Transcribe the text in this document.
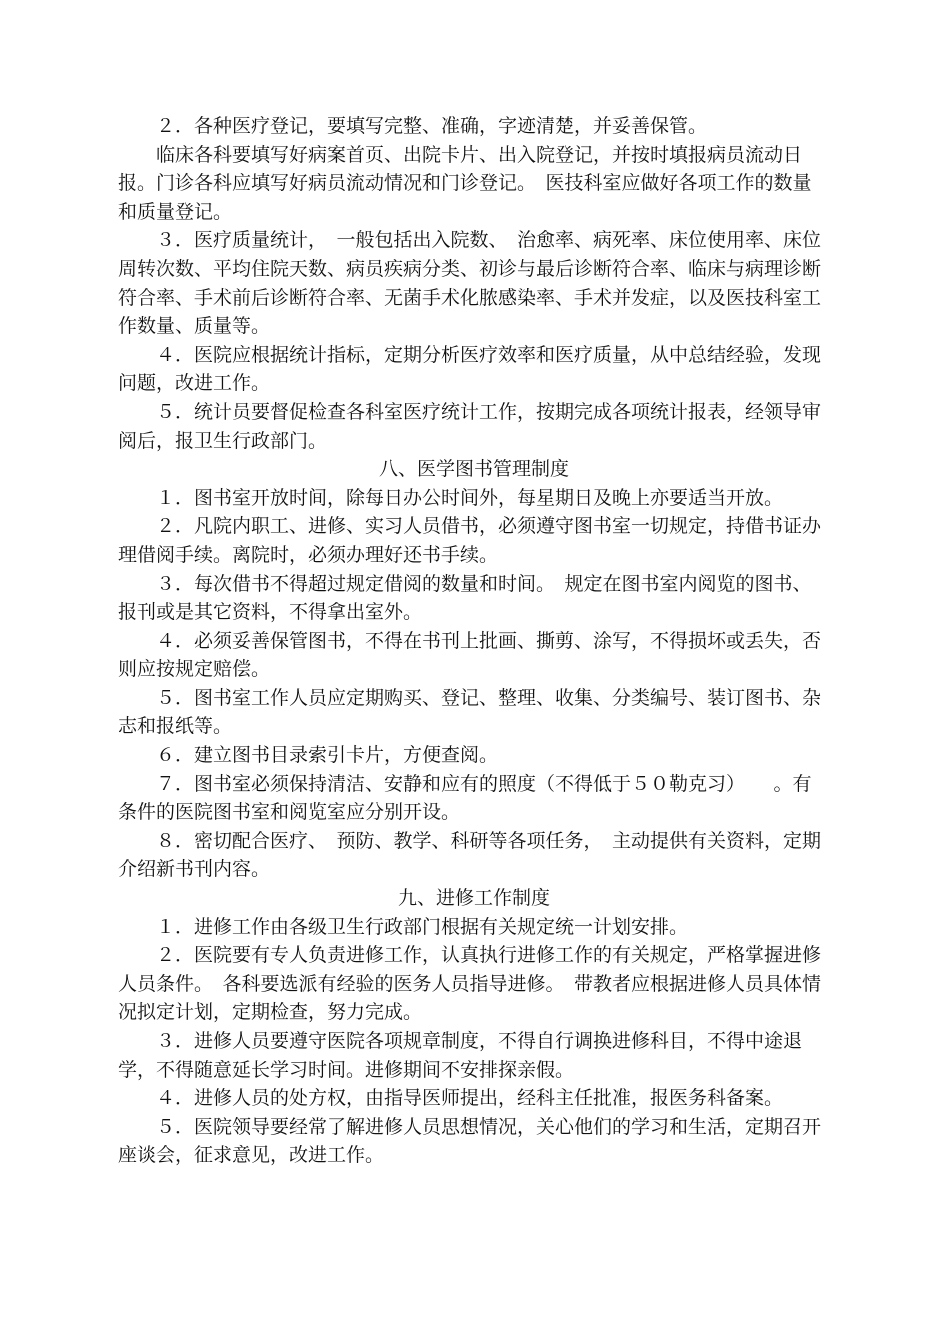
２．各种医疗登记，要填写完整、准确，字迹清楚，并妥善保管。

临床各科要填写好病案首页、出院卡片、出入院登记，并按时填报病员流动日报。门诊各科应填写好病员流动情况和门诊登记。　医技科室应做好各项工作的数量和质量登记。

３．医疗质量统计，　一般包括出入院数、　治愈率、病死率、床位使用率、床位周转次数、平均住院天数、病员疾病分类、初诊与最后诊断符合率、临床与病理诊断符合率、手术前后诊断符合率、无菌手术化脓感染率、手术并发症，以及医技科室工作数量、质量等。

４．医院应根据统计指标，定期分析医疗效率和医疗质量，从中总结经验，发现问题，改进工作。

５．统计员要督促检查各科室医疗统计工作，按期完成各项统计报表，经领导审阅后，报卫生行政部门。

八、医学图书管理制度

１．图书室开放时间，除每日办公时间外，每星期日及晚上亦要适当开放。

２．凡院内职工、进修、实习人员借书，必须遵守图书室一切规定，持借书证办理借阅手续。离院时，必须办理好还书手续。

３．每次借书不得超过规定借阅的数量和时间。　规定在图书室内阅览的图书、报刊或是其它资料，不得拿出室外。

４．必须妥善保管图书，不得在书刊上批画、撕剪、涂写，不得损坏或丢失，否则应按规定赔偿。

５．图书室工作人员应定期购买、登记、整理、收集、分类编号、装订图书、杂志和报纸等。

６．建立图书目录索引卡片，方便查阅。

７．图书室必须保持清洁、安静和应有的照度（不得低于５０勒克习）　　。有条件的医院图书室和阅览室应分别开设。

８．密切配合医疗、　预防、教学、科研等各项任务，　主动提供有关资料，定期介绍新书刊内容。

九、进修工作制度

１．进修工作由各级卫生行政部门根据有关规定统一计划安排。

２．医院要有专人负责进修工作，认真执行进修工作的有关规定，严格掌握进修人员条件。　各科要选派有经验的医务人员指导进修。　带教者应根据进修人员具体情况拟定计划，定期检查，努力完成。

３．进修人员要遵守医院各项规章制度，不得自行调换进修科目，不得中途退学，不得随意延长学习时间。进修期间不安排探亲假。

４．进修人员的处方权，由指导医师提出，经科主任批准，报医务科备案。

５．医院领导要经常了解进修人员思想情况，关心他们的学习和生活，定期召开座谈会，征求意见，改进工作。
